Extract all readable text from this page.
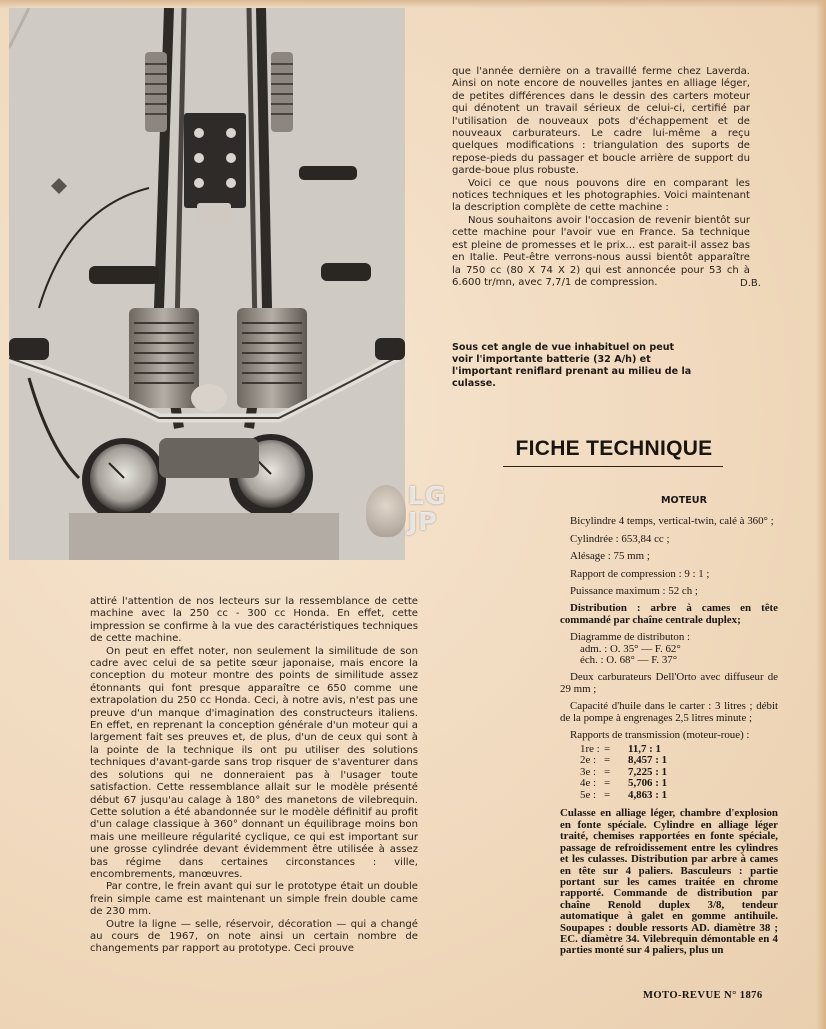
LG
JP

que l'année dernière on a travaillé ferme chez Laverda. Ainsi on note encore de nouvelles jantes en alliage léger, de petites différences dans le dessin des carters moteur qui dénotent un travail sérieux de celui-ci, certifié par l'utilisation de nouveaux pots d'échappement et de nouveaux carburateurs. Le cadre lui-même a reçu quelques modifications : triangulation des suports de repose-pieds du passager et boucle arrière de support du garde-boue plus robuste.

Voici ce que nous pouvons dire en comparant les notices techniques et les photographies. Voici maintenant la description complète de cette machine :

Nous souhaitons avoir l'occasion de revenir bientôt sur cette machine pour l'avoir vue en France. Sa technique est pleine de promesses et le prix... est parait-il assez bas en Italie. Peut-être verrons-nous aussi bientôt apparaître la 750 cc (80 X 74 X 2) qui est annoncée pour 53 ch à 6.600 tr/mn, avec 7,7/1 de compression.	D.B.
Sous cet angle de vue inhabituel on peut voir l'importante batterie (32 A/h) et l'important reniflard prenant au milieu de la culasse.
FICHE TECHNIQUE

attiré l'attention de nos lecteurs sur la ressemblance de cette machine avec la 250 cc - 300 cc Honda. En effet, cette impression se confirme à la vue des caractéristiques techniques de cette machine.

On peut en effet noter, non seulement la similitude de son cadre avec celui de sa petite sœur japonaise, mais encore la conception du moteur montre des points de similitude assez étonnants qui font presque apparaître ce 650 comme une extrapolation du 250 cc Honda. Ceci, à notre avis, n'est pas une preuve d'un manque d'imagination des constructeurs italiens. En effet, en reprenant la conception générale d'un moteur qui a largement fait ses preuves et, de plus, d'un de ceux qui sont à la pointe de la technique ils ont pu utiliser des solutions techniques d'avant-garde sans trop risquer de s'aventurer dans des solutions qui ne donneraient pas à l'usager toute satisfaction. Cette ressemblance allait sur le modèle présenté début 67 jusqu'au calage à 180° des manetons de vilebrequin. Cette solution a été abandonnée sur le modèle définitif au profit d'un calage classique à 360° donnant un équilibrage moins bon mais une meilleure régularité cyclique, ce qui est important sur une grosse cylindrée devant évidemment être utilisée à assez bas régime dans certaines circonstances : ville, encombrements, manœuvres.

Par contre, le frein avant qui sur le prototype était un double frein simple came est maintenant un simple frein double came de 230 mm.

Outre la ligne — selle, réservoir, décoration — qui a changé au cours de 1967, on note ainsi un certain nombre de changements par rapport au prototype. Ceci prouve

MOTEUR

Bicylindre 4 temps, vertical-twin, calé à 360° ;

Cylindrée : 653,84 cc ;

Alésage : 75 mm ;

Rapport de compression : 9 : 1 ;

Puissance maximum : 52 ch ;

Distribution : arbre à cames en tête commandé par chaîne centrale duplex;

Diagramme de distributon :

adm. : O. 35° — F. 62°

éch. : O. 68° — F. 37°

Deux carburateurs Dell'Orto avec diffuseur de 29 mm ;

Capacité d'huile dans le carter : 3 litres ; débit de la pompe à engrenages 2,5 litres minute ;

Rapports de transmission (moteur-roue) :

1re : =	11,7 : 1
2e : =	8,457 : 1
3e : =	7,225 : 1
4e : =	5,706 : 1
5e : =	4,863 : 1

Culasse en alliage léger, chambre d'explosion en fonte spéciale. Cylindre en alliage léger traité, chemises rapportées en fonte spéciale, passage de refroidissement entre les cylindres et les culasses. Distribution par arbre à cames en tête sur 4 paliers. Basculeurs : partie portant sur les cames traitée en chrome rapporté. Commande de distribution par chaîne Renold duplex 3/8, tendeur automatique à galet en gomme antihuile. Soupapes : double ressorts AD. diamètre 38 ; EC. diamètre 34. Vilebrequin démontable en 4 parties monté sur 4 paliers, plus un

MOTO-REVUE N° 1876
